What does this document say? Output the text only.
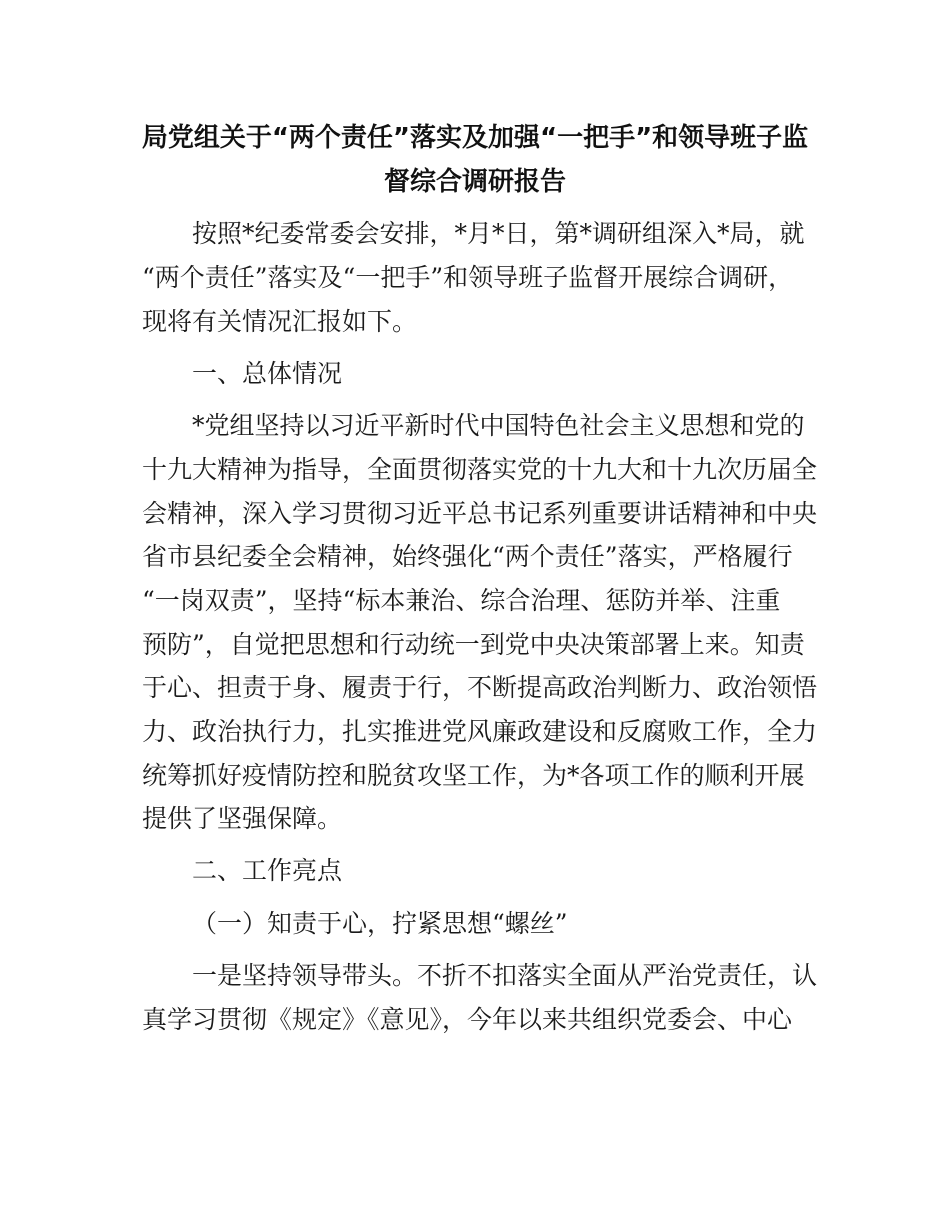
局党组关于“两个责任”落实及加强“一把手”和领导班子监
督综合调研报告
按照*纪委常委会安排，*月*日，第*调研组深入*局，就
“两个责任”落实及“一把手”和领导班子监督开展综合调研，
现将有关情况汇报如下。
一、总体情况
*党组坚持以习近平新时代中国特色社会主义思想和党的
十九大精神为指导，全面贯彻落实党的十九大和十九次历届全
会精神，深入学习贯彻习近平总书记系列重要讲话精神和中央
省市县纪委全会精神，始终强化“两个责任”落实，严格履行
“一岗双责”，坚持“标本兼治、综合治理、惩防并举、注重
预防”，自觉把思想和行动统一到党中央决策部署上来。知责
于心、担责于身、履责于行，不断提高政治判断力、政治领悟
力、政治执行力，扎实推进党风廉政建设和反腐败工作，全力
统筹抓好疫情防控和脱贫攻坚工作，为*各项工作的顺利开展
提供了坚强保障。
二、工作亮点
（一）知责于心，拧紧思想“螺丝”
一是坚持领导带头。不折不扣落实全面从严治党责任，认
真学习贯彻《规定》《意见》，今年以来共组织党委会、中心
